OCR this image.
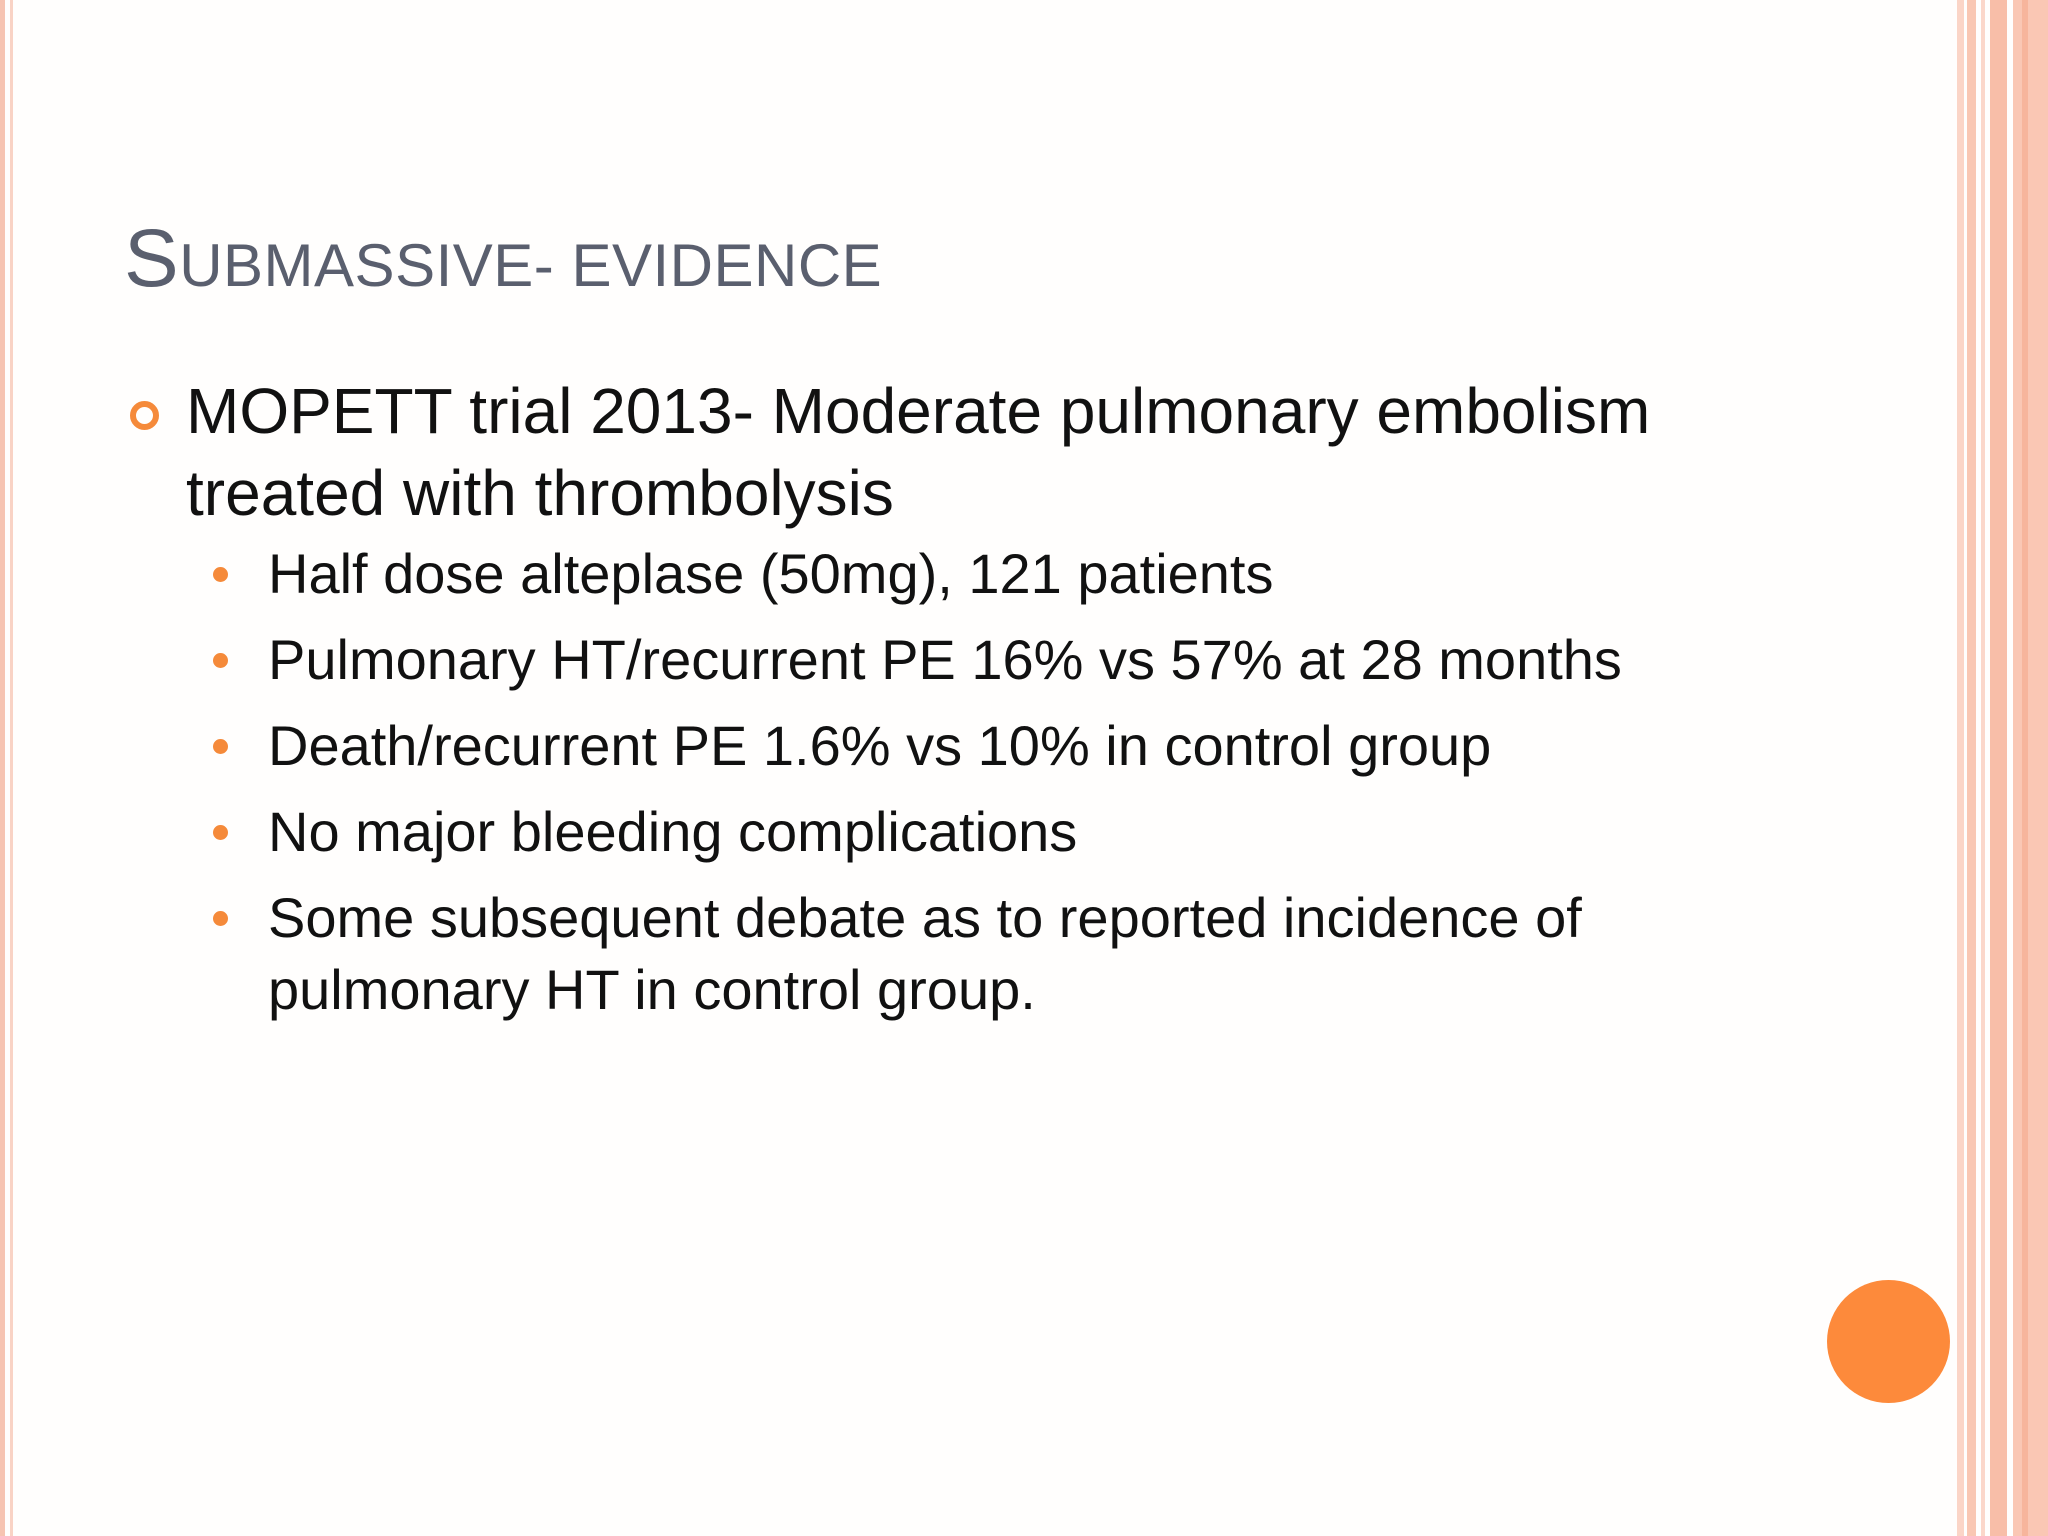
SUBMASSIVE- EVIDENCE
MOPETT trial 2013- Moderate pulmonary embolism treated with thrombolysis
Half dose alteplase (50mg), 121 patients
Pulmonary HT/recurrent PE 16% vs 57% at 28 months
Death/recurrent PE 1.6% vs 10% in control group
No major bleeding complications
Some subsequent debate as to reported incidence of pulmonary HT in control group.
